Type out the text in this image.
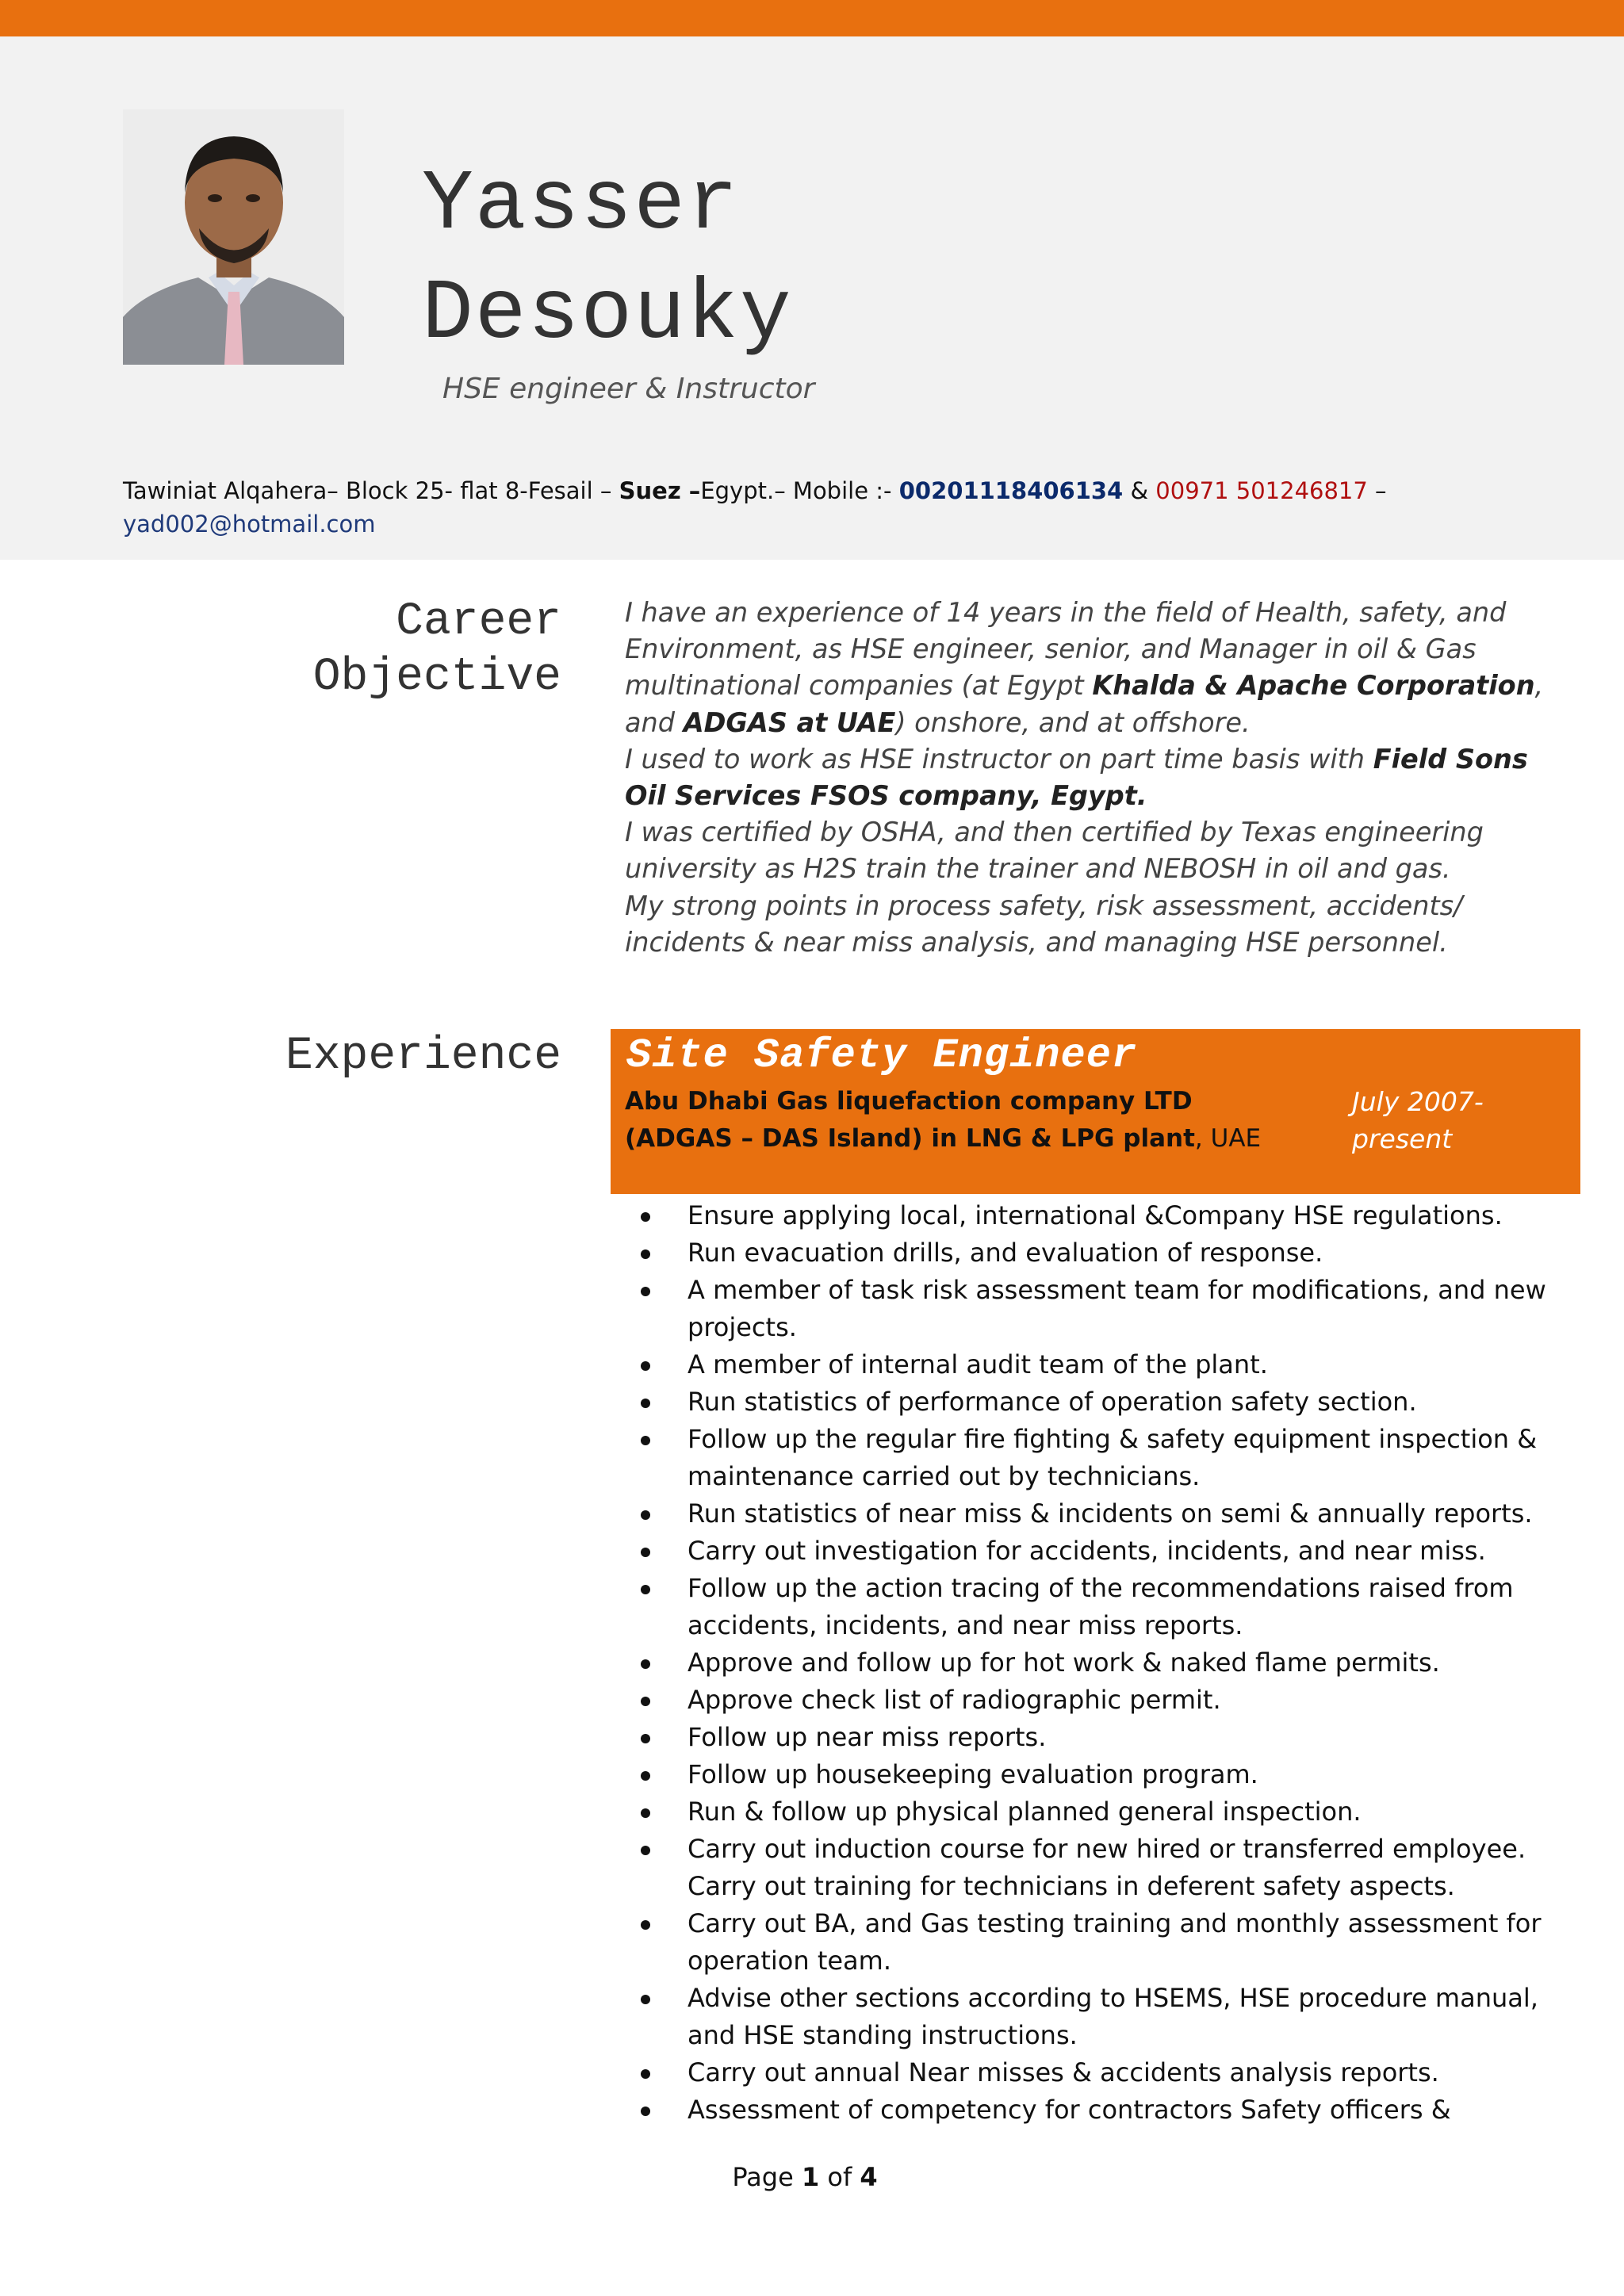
Yasser
Desouky
HSE engineer & Instructor
Tawiniat Alqahera– Block 25- flat 8-Fesail – Suez –Egypt.– Mobile :- 00201118406134 & 00971 501246817 –
yad002@hotmail.com
Career
Objective

I have an experience of 14 years in the field of Health, safety, and Environment, as HSE engineer, senior, and Manager in oil & Gas multinational companies (at Egypt Khalda & Apache Corporation, and ADGAS at UAE) onshore, and at offshore.

I used to work as HSE instructor on part time basis with Field Sons Oil Services FSOS company, Egypt.

I was certified by OSHA, and then certified by Texas engineering university as H2S train the trainer and NEBOSH in oil and gas.

My strong points in process safety, risk assessment, accidents/ incidents & near miss analysis, and managing HSE personnel.

Experience Site Safety Engineer
Abu Dhabi Gas liquefaction company LTD (ADGAS – DAS Island) in LNG & LPG plant, UAE
July 2007- present
Ensure applying local, international &Company HSE regulations.
Run evacuation drills, and evaluation of response.
A member of task risk assessment team for modifications, and new projects.
A member of internal audit team of the plant.
Run statistics of performance of operation safety section.
Follow up the regular fire fighting & safety equipment inspection & maintenance carried out by technicians.
Run statistics of near miss & incidents on semi & annually reports.
Carry out investigation for accidents, incidents, and near miss.
Follow up the action tracing of the recommendations raised from accidents, incidents, and near miss reports.
Approve and follow up for hot work & naked flame permits.
Approve check list of radiographic permit.
Follow up near miss reports.
Follow up housekeeping evaluation program.
Run & follow up physical planned general inspection.
Carry out induction course for new hired or transferred employee. Carry out training for technicians in deferent safety aspects.
Carry out BA, and Gas testing training and monthly assessment for operation team.
Advise other sections according to HSEMS, HSE procedure manual, and HSE standing instructions.
Carry out annual Near misses & accidents analysis reports.
Assessment of competency for contractors Safety officers &
Page 1 of 4
